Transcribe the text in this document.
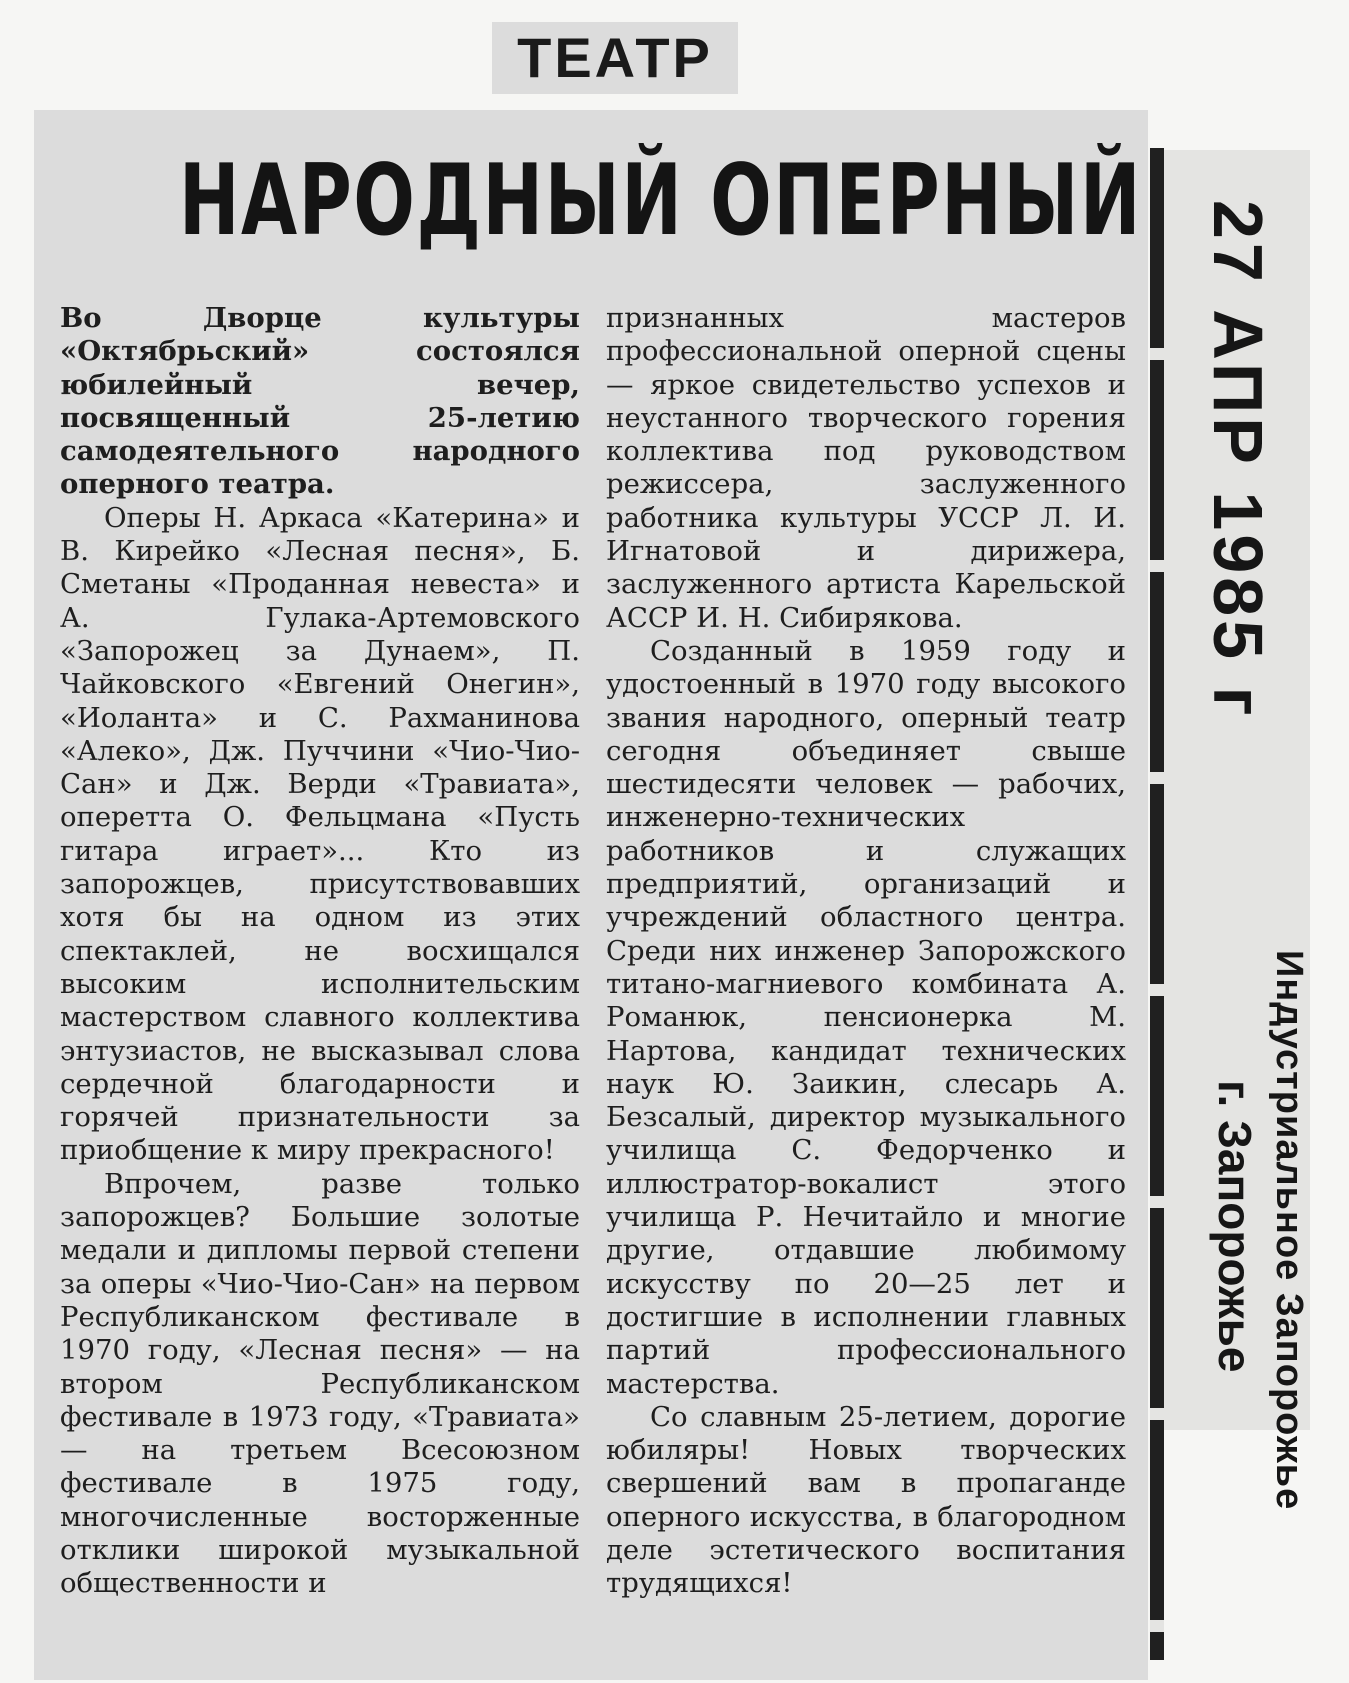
ТЕАТР
НАРОДНЫЙ ОПЕРНЫЙ

Во Дворце культуры «Октябрьский» состоялся юбилейный вечер, посвященный 25-летию самодеятельного народного оперного театра.

Оперы Н. Аркаса «Катерина» и В. Кирейко «Лесная песня», Б. Сметаны «Проданная невеста» и А. Гулака-Артемовского «Запорожец за Дунаем», П. Чайковского «Евгений Онегин», «Иоланта» и С. Рахманинова «Алеко», Дж. Пуччини «Чио-Чио-Сан» и Дж. Верди «Травиата», оперетта О. Фельцмана «Пусть гитара играет»... Кто из запорожцев, присутствовавших хотя бы на одном из этих спектаклей, не восхищался высоким исполнительским мастерством славного коллектива энтузиастов, не высказывал слова сердечной благодарности и горячей признательности за приобщение к миру прекрасного!

Впрочем, разве только запорожцев? Большие золотые медали и дипломы первой степени за оперы «Чио-Чио-Сан» на первом Республиканском фестивале в 1970 году, «Лесная песня» — на втором Республиканском фестивале в 1973 году, «Травиата» — на третьем Всесоюзном фестивале в 1975 году, многочисленные восторженные отклики широкой музыкальной общественности и

признанных мастеров профессиональной оперной сцены — яркое свидетельство успехов и неустанного творческого горения коллектива под руководством режиссера, заслуженного работника культуры УССР Л. И. Игнатовой и дирижера, заслуженного артиста Карельской АССР И. Н. Сибирякова.

Созданный в 1959 году и удостоенный в 1970 году высокого звания народного, оперный театр сегодня объединяет свыше шестидесяти человек — рабочих, инженерно-технических работников и служащих предприятий, организаций и учреждений областного центра. Среди них инженер Запорожского титано-магниевого комбината А. Романюк, пенсионерка М. Нартова, кандидат технических наук Ю. Заикин, слесарь А. Безсалый, директор музыкального училища С. Федорченко и иллюстратор-вокалист этого училища Р. Нечитайло и многие другие, отдавшие любимому искусству по 20—25 лет и достигшие в исполнении главных партий профессионального мастерства.

Со славным 25-летием, дорогие юбиляры! Новых творческих свершений вам в пропаганде оперного искусства, в благородном деле эстетического воспитания трудящихся!

27 АПР 1985 г
Индустриальное Запорожье
г. Запорожье
